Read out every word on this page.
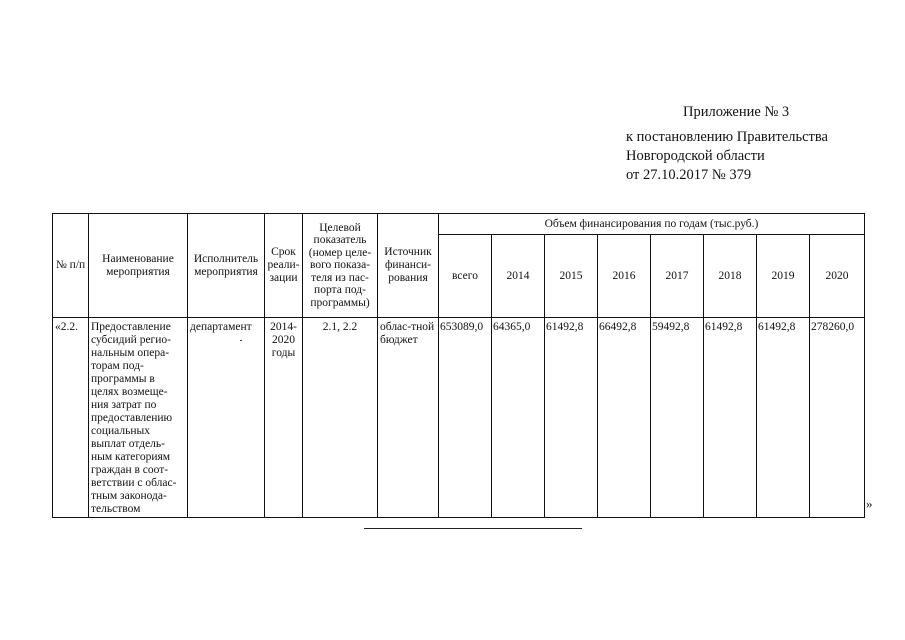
Приложение № 3
к постановлению Правительства
Новгородской области
от 27.10.2017 № 379
№ п/п	Наименование мероприятия	Исполнитель мероприятия	Срок реали-зации	Целевой показатель (номер целе-вого показа-теля из пас-порта под-программы)	Источник финанси-рования	Объем финансирования по годам (тыс.руб.)							
						всего	2014	2015	2016	2017	2018	2019	2020
«2.2.	Предоставление субсидий регио-нальным опера-торам под-программы в целях возмеще-ния затрат по предоставлению социальных выплат отдель-ным категориям граждан в соот-ветствии с облас-тным законода-тельством	департамент	2014-2020 годы	2.1, 2.2	облас-тной бюджет	653089,0	64365,0	61492,8	66492,8	59492,8	61492,8	61492,8	278260,0
»
